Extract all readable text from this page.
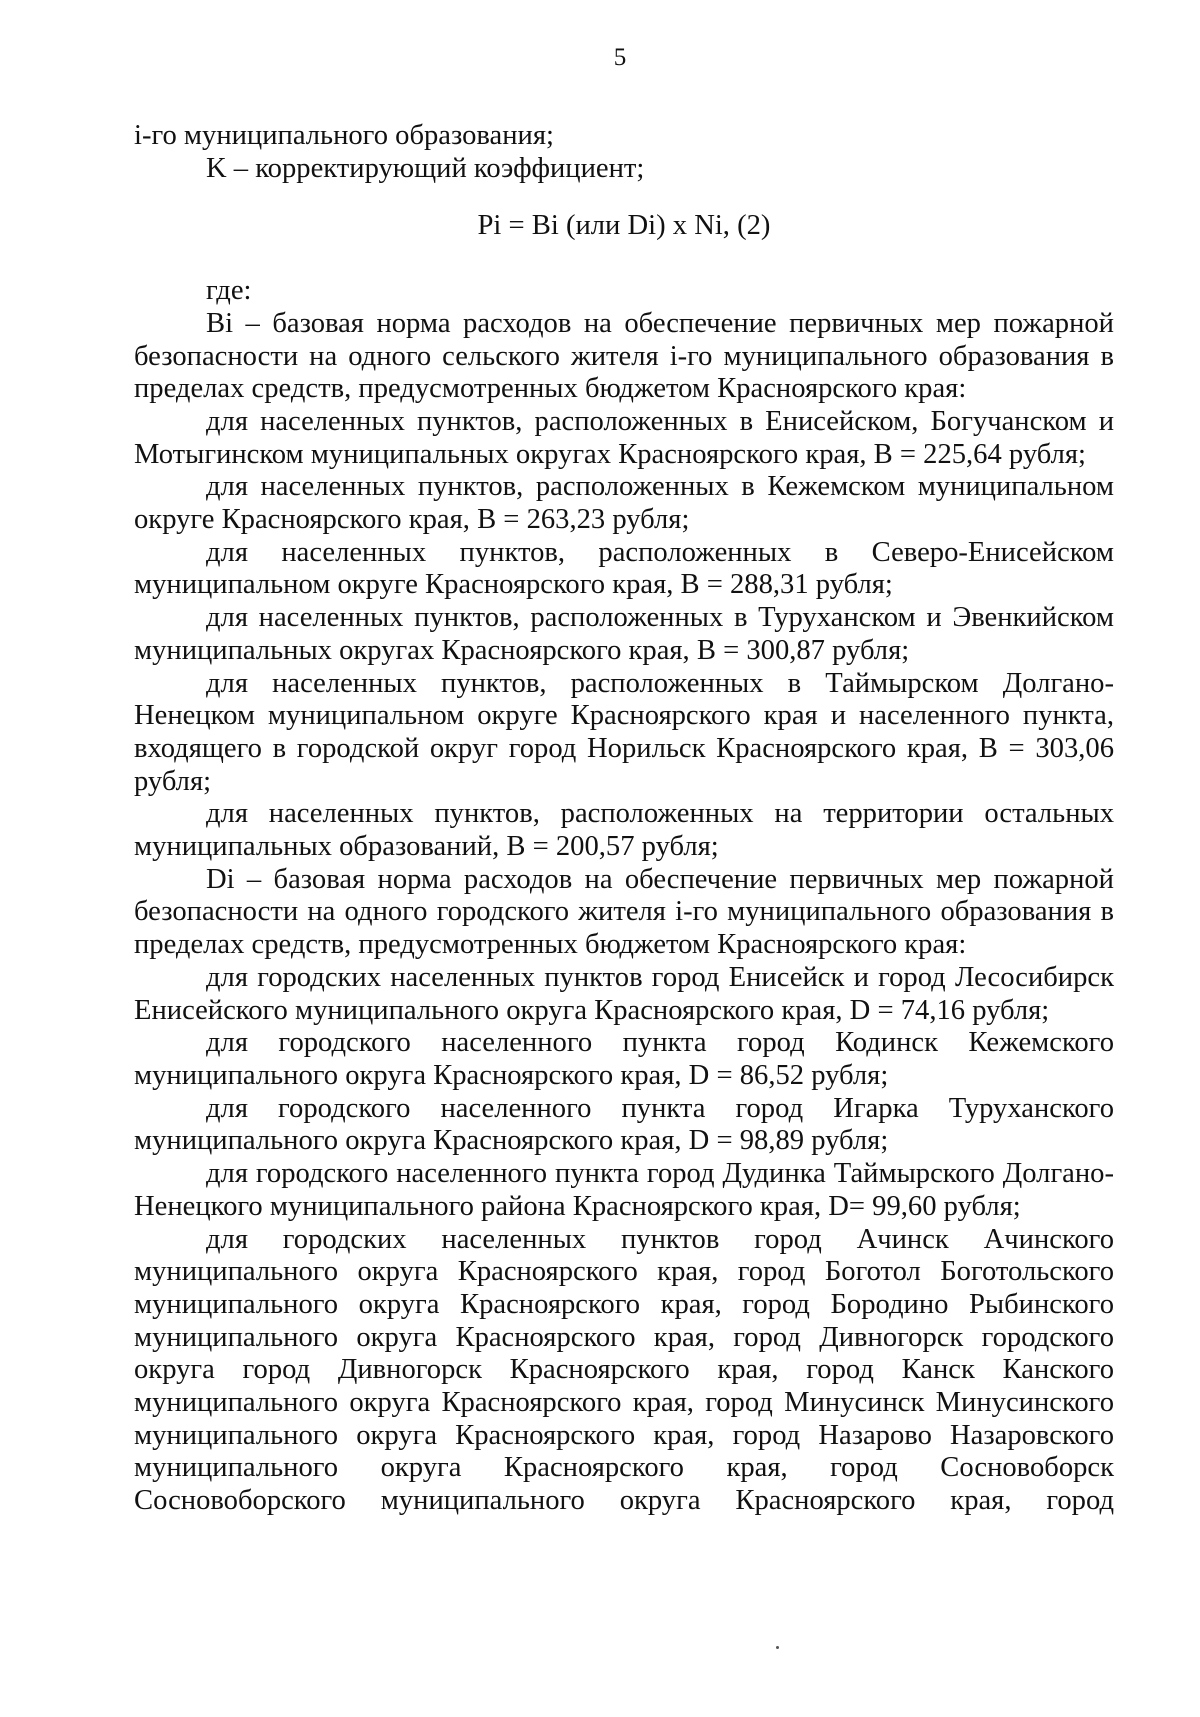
5

i-го муниципального образования;

K – корректирующий коэффициент;

Pi = Bi (или Di) x Ni, (2)

где:

Bi – базовая норма расходов на обеспечение первичных мер пожарной безопасности на одного сельского жителя i-го муниципального образования в пределах средств, предусмотренных бюджетом Красноярского края:

для населенных пунктов, расположенных в Енисейском, Богучанском и Мотыгинском муниципальных округах Красноярского края, B = 225,64 рубля;

для населенных пунктов, расположенных в Кежемском муниципальном округе Красноярского края, B = 263,23 рубля;

для населенных пунктов, расположенных в Северо-Енисейском муниципальном округе Красноярского края, B = 288,31 рубля;

для населенных пунктов, расположенных в Туруханском и Эвенкийском муниципальных округах Красноярского края, B = 300,87 рубля;

для населенных пунктов, расположенных в Таймырском Долгано-Ненецком муниципальном округе Красноярского края и населенного пункта, входящего в городской округ город Норильск Красноярского края, B = 303,06 рубля;

для населенных пунктов, расположенных на территории остальных муниципальных образований, B = 200,57 рубля;

Di – базовая норма расходов на обеспечение первичных мер пожарной безопасности на одного городского жителя i-го муниципального образования в пределах средств, предусмотренных бюджетом Красноярского края:

для городских населенных пунктов город Енисейск и город Лесосибирск Енисейского муниципального округа Красноярского края, D = 74,16 рубля;

для городского населенного пункта город Кодинск Кежемского муниципального округа Красноярского края, D = 86,52 рубля;

для городского населенного пункта город Игарка Туруханского муниципального округа Красноярского края, D = 98,89 рубля;

для городского населенного пункта город Дудинка Таймырского Долгано-Ненецкого муниципального района Красноярского края, D= 99,60 рубля;

для городских населенных пунктов город Ачинск Ачинского муниципального округа Красноярского края, город Боготол Боготольского муниципального округа Красноярского края, город Бородино Рыбинского муниципального округа Красноярского края, город Дивногорск городского округа город Дивногорск Красноярского края, город Канск Канского муниципального округа Красноярского края, город Минусинск Минусинского муниципального округа Красноярского края, город Назарово Назаровского муниципального округа Красноярского края, город Сосновоборск Сосновоборского муниципального округа Красноярского края, город
